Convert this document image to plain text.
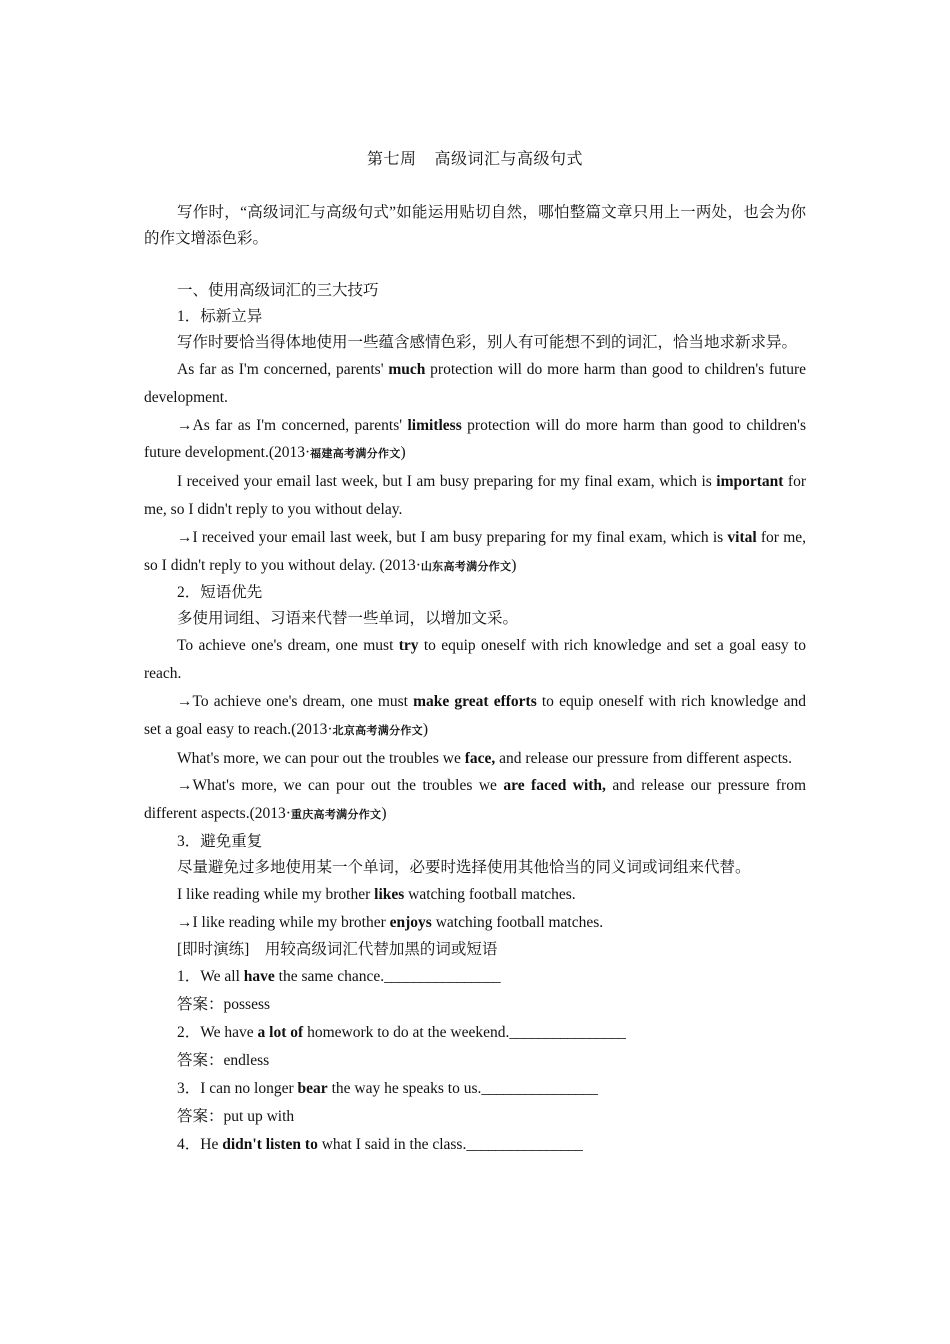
第七周 高级词汇与高级句式

写作时，“高级词汇与高级句式”如能运用贴切自然，哪怕整篇文章只用上一两处，也会为你的作文增添色彩。

一、使用高级词汇的三大技巧

1．标新立异

写作时要恰当得体地使用一些蕴含感情色彩，别人有可能想不到的词汇，恰当地求新求异。

As far as I'm concerned, parents' much protection will do more harm than good to children's future development.

→As far as I'm concerned, parents' limitless protection will do more harm than good to children's future development.(2013·福建高考满分作文)

I received your email last week, but I am busy preparing for my final exam, which is important for me, so I didn't reply to you without delay.

→I received your email last week, but I am busy preparing for my final exam, which is vital for me, so I didn't reply to you without delay. (2013·山东高考满分作文)

2．短语优先

多使用词组、习语来代替一些单词，以增加文采。

To achieve one's dream, one must try to equip oneself with rich knowledge and set a goal easy to reach.

→To achieve one's dream, one must make great efforts to equip oneself with rich knowledge and set a goal easy to reach.(2013·北京高考满分作文)

What's more, we can pour out the troubles we face, and release our pressure from different aspects.

→What's more, we can pour out the troubles we are faced with, and release our pressure from different aspects.(2013·重庆高考满分作文)

3．避免重复

尽量避免过多地使用某一个单词，必要时选择使用其他恰当的同义词或词组来代替。

I like reading while my brother likes watching football matches.

→I like reading while my brother enjoys watching football matches.

[即时演练] 用较高级词汇代替加黑的词或短语

1．We all have the same chance.________________

答案：possess

2．We have a lot of homework to do at the weekend.________________

答案：endless

3．I can no longer bear the way he speaks to us.________________

答案：put up with

4．He didn't listen to what I said in the class.________________
